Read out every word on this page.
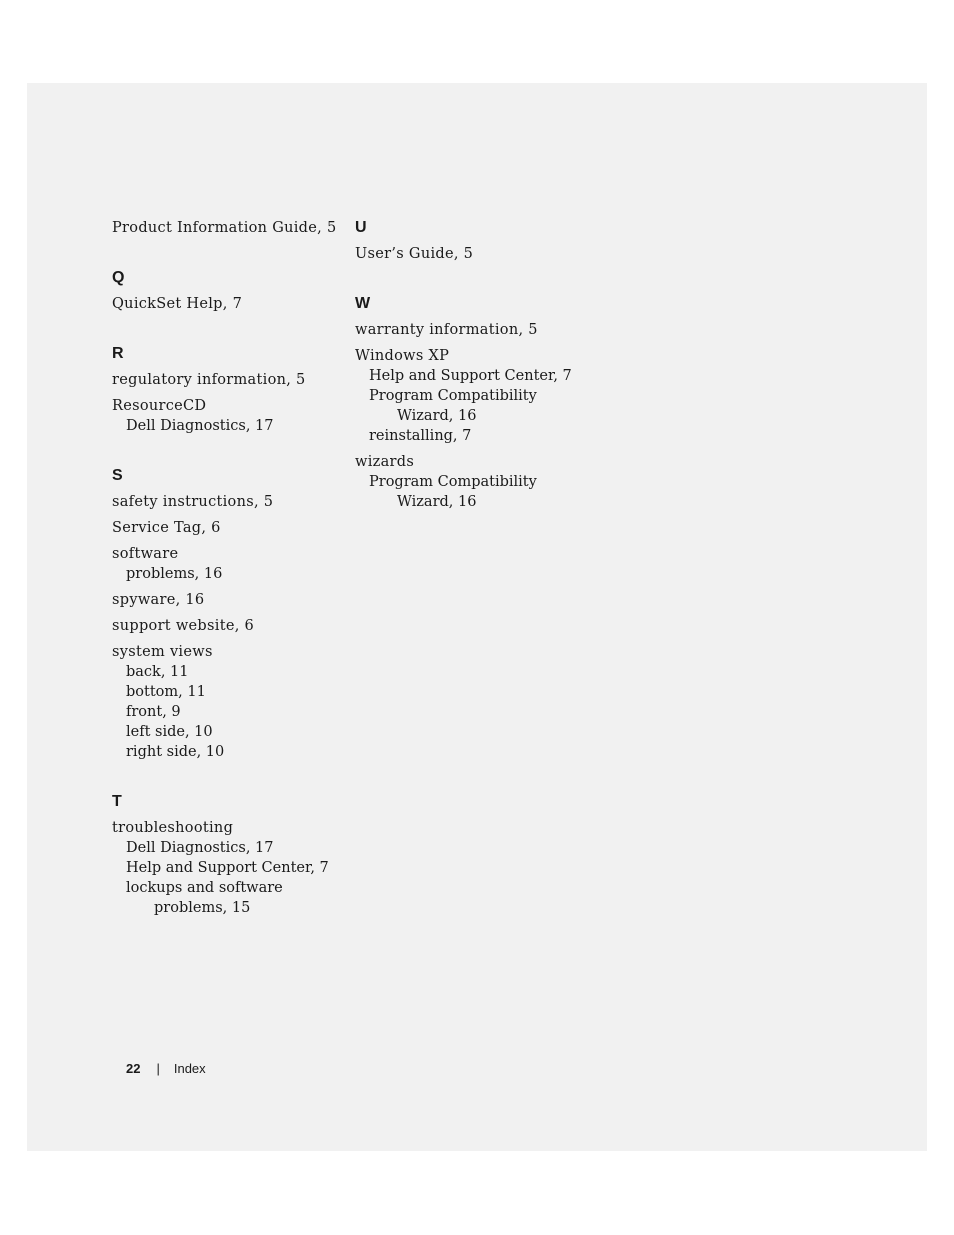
Product Information Guide, 5
Q
QuickSet Help, 7
R
regulatory information, 5
ResourceCD
Dell Diagnostics, 17
S
safety instructions, 5
Service Tag, 6
software
problems, 16
spyware, 16
support website, 6
system views
back, 11
bottom, 11
front, 9
left side, 10
right side, 10
T
troubleshooting
Dell Diagnostics, 17
Help and Support Center, 7
lockups and software
problems, 15
U
User’s Guide, 5
W
warranty information, 5
Windows XP
Help and Support Center, 7
Program Compatibility
Wizard, 16
reinstalling, 7
wizards
Program Compatibility
Wizard, 16
22 | Index
